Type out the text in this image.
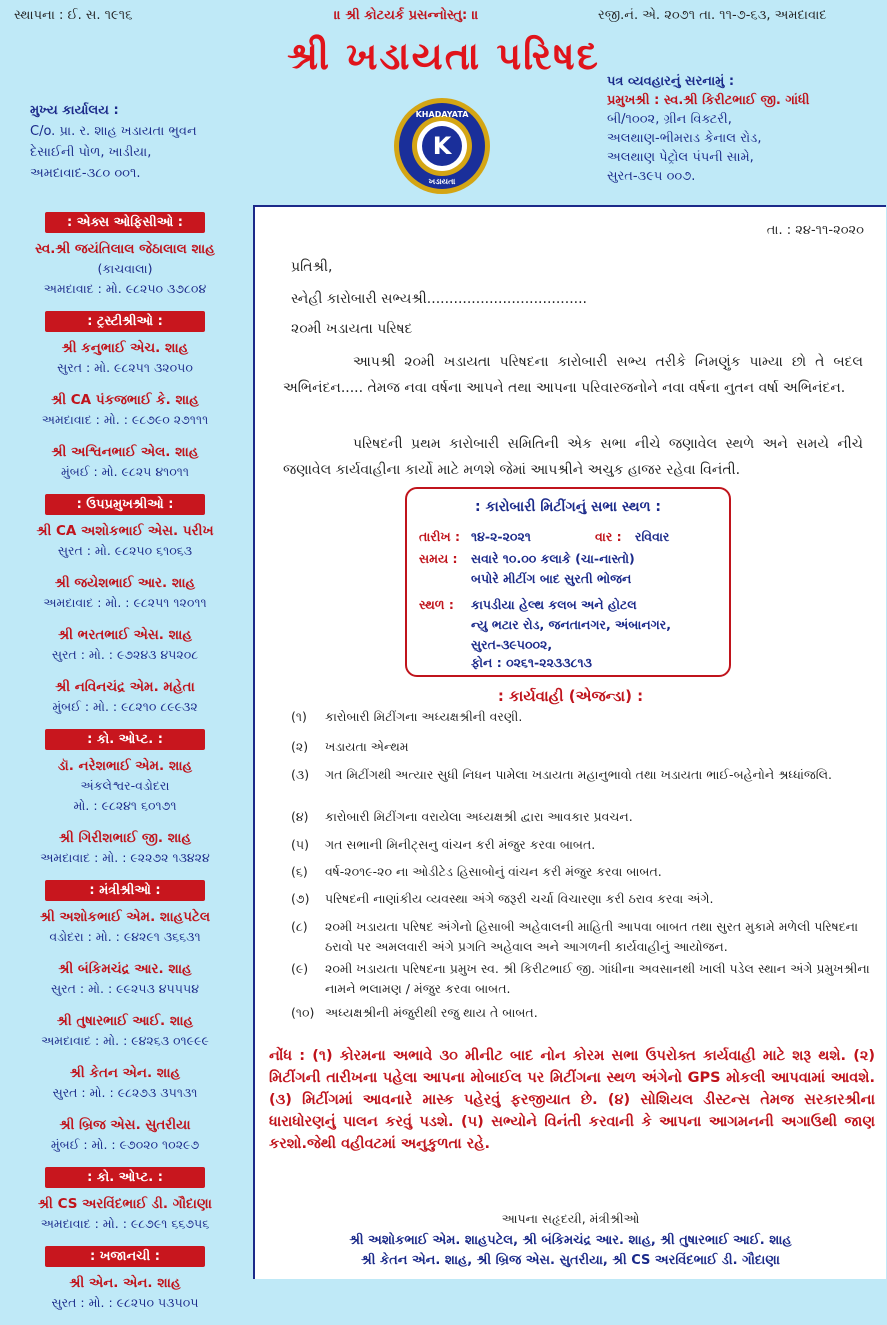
સ્થાપના : ઈ. સ. ૧૯૧૬	॥ શ્રી કોટયર્ક પ્રસન્નોસ્તુ: ॥	રજી.નં. એ. ૨૦૭૧ તા. ૧૧-૭-૬૩, અમદાવાદ
શ્રી ખડાયતા પરિષદ
મુખ્ય કાર્યાલય :
C/o. પ્રા. ર. શાહ ખડાયતા ભુવન
દેસાઈની પોળ, ખાડીયા,
અમદાવાદ-૩૮૦ ૦૦૧.
K
KHADAYATA
ખડાયતા
પત્ર વ્યવહારનું સરનામું :
પ્રમુખશ્રી : સ્વ.શ્રી કિરીટભાઈ જી. ગાંધી
બી/૧૦૦૨, ગ્રીન વિક્ટરી,
અલથાણ-ભીમરાડ કેનાલ રોડ,
અલથાણ પેટ્રોલ પંપની સામે,
સુરત-૩૯૫ ૦૦૭.
: એક્સ ઓફિસીઓ :
સ્વ.શ્રી જયંતિલાલ જેઠાલાલ શાહ
(કાચવાલા)
અમદાવાદ : મો. ૯૮૨૫૦ ૩૭૮૦૪
: ટ્રસ્ટીશ્રીઓ :
શ્રી કનુભાઈ એચ. શાહ
સુરત : મો. ૯૮૨૫૧ ૩૨૦૫૦
શ્રી CA પંકજભાઈ કે. શાહ
અમદાવાદ : મો. : ૯૮૭૯૦ ૨૭૧૧૧
શ્રી અશ્વિનભાઈ એલ. શાહ
મુંબઈ : મો. ૯૮૨૫ ૪૧૦૧૧
: ઉપપ્રમુખશ્રીઓ :
શ્રી CA અશોકભાઈ એસ. પરીખ
સુરત : મો. ૯૮૨૫૦ ૬૧૦૬૩
શ્રી જયેશભાઈ આર. શાહ
અમદાવાદ : મો. : ૯૮૨૫૧ ૧૨૦૧૧
શ્રી ભરતભાઈ એસ. શાહ
સુરત : મો. : ૯૭૨૪૩ ૪૫૨૦૮
શ્રી નવિનચંદ્ર એમ. મહેતા
મુંબઈ : મો. : ૯૮૨૧૦ ૮૯૯૩૨
: કો. ઓપ્ટ. :
ડૉ. નરેશભાઈ એમ. શાહ
અંકલેશ્વર-વડોદરા
મો. : ૯૮૨૪૧ ૬૦૧૭૧
શ્રી ગિરીશભાઈ જી. શાહ
અમદાવાદ : મો. : ૯૨૨૭૨ ૧૩૪૨૪
: મંત્રીશ્રીઓ :
શ્રી અશોકભાઈ એમ. શાહપટેલ
વડોદરા : મો. : ૯૪૨૯૧ ૩૬૬૩૧
શ્રી બંકિમચંદ્ર આર. શાહ
સુરત : મો. : ૯૯૨૫૩ ૪૫૫૫૪
શ્રી તુષારભાઈ આઈ. શાહ
અમદાવાદ : મો. : ૯૪૨૬૩ ૦૧૯૯૯
શ્રી કેતન એન. શાહ
સુરત : મો. : ૯૮૨૭૩ ૩૫૧૩૧
શ્રી બ્રિજ એસ. સુતરીયા
મુંબઈ : મો. : ૯૭૦૨૦ ૧૦૨૯૭
: કો. ઓપ્ટ. :
શ્રી CS અરવિંદભાઈ ડી. ગૌદાણા
અમદાવાદ : મો. : ૯૮૭૯૧ ૬૬૭૫૬
: ખજાનચી :
શ્રી એન. એન. શાહ
સુરત : મો. : ૯૮૨૫૦ ૫૩૫૦૫
તા. : ૨૪-૧૧-૨૦૨૦
પ્રતિશ્રી,
સ્નેહી કારોબારી સભ્યશ્રી....................................
૨૦મી ખડાયતા પરિષદ
આપશ્રી ૨૦મી ખડાયતા પરિષદના કારોબારી સભ્ય તરીકે નિમણુંક પામ્યા છો તે બદલ અભિનંદન..... તેમજ નવા વર્ષના આપને તથા આપના પરિવારજનોને નવા વર્ષના નુતન વર્ષા અભિનંદન.
પરિષદની પ્રથમ કારોબારી સમિતિની એક સભા નીચે જણાવેલ સ્થળે અને સમયે નીચે જણાવેલ કાર્યવાહીના કાર્યો માટે મળશે જેમાં આપશ્રીને અચુક હાજર રહેવા વિનંતી.
: કારોબારી મિટીંગનું સભા સ્થળ :
તારીખ : ૧૪-૨-૨૦૨૧	વાર : રવિવાર
સમય : સવારે ૧૦.૦૦ કલાકે (ચા-નાસ્તો)
બપોરે મીટીંગ બાદ સુરતી ભોજન
સ્થળ : કાપડીયા હેલ્થ કલબ અને હોટલ
ન્યુ ભટાર રોડ, જનતાનગર, અંબાનગર,
સુરત-૩૯૫૦૦૨,
ફોન : ૦૨૬૧-૨૨૩૩૮૧૩
: કાર્યવાહી (એજન્ડા) :
(૧) કારોબારી મિટીંગના અધ્યક્ષશ્રીની વરણી.
(૨) ખડાયતા એન્થમ
(૩) ગત મિટીંગથી અત્યાર સુધી નિધન પામેલા ખડાયતા મહાનુભાવો તથા ખડાયતા ભાઈ-બહેનોને શ્રધ્ધાંજલિ.
(૪) કારોબારી મિટીંગના વરાયેલા અધ્યક્ષશ્રી દ્વારા આવકાર પ્રવચન.
(૫) ગત સભાની મિનીટ્સનુ વાંચન કરી મંજુર કરવા બાબત.
(૬) વર્ષ-૨૦૧૯-૨૦ ના ઓડીટેડ હિસાબોનું વાંચન કરી મંજુર કરવા બાબત.
(૭) પરિષદની નાણાંકીય વ્યવસ્થા અંગે જરૂરી ચર્ચા વિચારણા કરી ઠરાવ કરવા અંગે.
(૮) ૨૦મી ખડાયતા પરિષદ અંગેનો હિસાબી અહેવાલની માહિતી આપવા બાબત તથા સુરત મુકામે મળેલી પરિષદના ઠરાવો પર અમલવારી અંગે પ્રગતિ અહેવાલ અને આગળની કાર્યવાહીનું આયોજન.
(૯) ૨૦મી ખડાયતા પરિષદના પ્રમુખ સ્વ. શ્રી કિરીટભાઈ જી. ગાંધીના અવસાનથી ખાલી પડેલ સ્થાન અંગે પ્રમુખશ્રીના નામને ભલામણ / મંજુર કરવા બાબત.
(૧૦) અધ્યક્ષશ્રીની મંજુરીથી રજુ થાય તે બાબત.
નોંધ : (૧) કોરમના અભાવે ૩૦ મીનીટ બાદ નોન કોરમ સભા ઉપરોક્ત કાર્યવાહી માટે શરૂ થશે. (૨) મિટીંગની તારીખના પહેલા આપના મોબાઈલ પર મિટીંગના સ્થળ અંગેનો GPS મોકલી આપવામાં આવશે. (૩) મિટીંગમાં આવનારે માસ્ક પહેરવું ફરજીયાત છે. (૪) સોશિયલ ડીસ્ટન્સ તેમજ સરકારશ્રીના ધારાધોરણનું પાલન કરવું પડશે. (૫) સભ્યોને વિનંતી કરવાની કે આપના આગમનની અગાઉથી જાણ કરશો.જેથી વહીવટમાં અનુકુળતા રહે.
આપના સહૃદયી, મંત્રીશ્રીઓ
શ્રી અશોકભાઈ એમ. શાહપટેલ, શ્રી બંકિમચંદ્ર આર. શાહ, શ્રી તુષારભાઈ આઈ. શાહ
શ્રી કેતન એન. શાહ, શ્રી બ્રિજ એસ. સુતરીયા, શ્રી CS અરવિંદભાઈ ડી. ગૌદાણા
